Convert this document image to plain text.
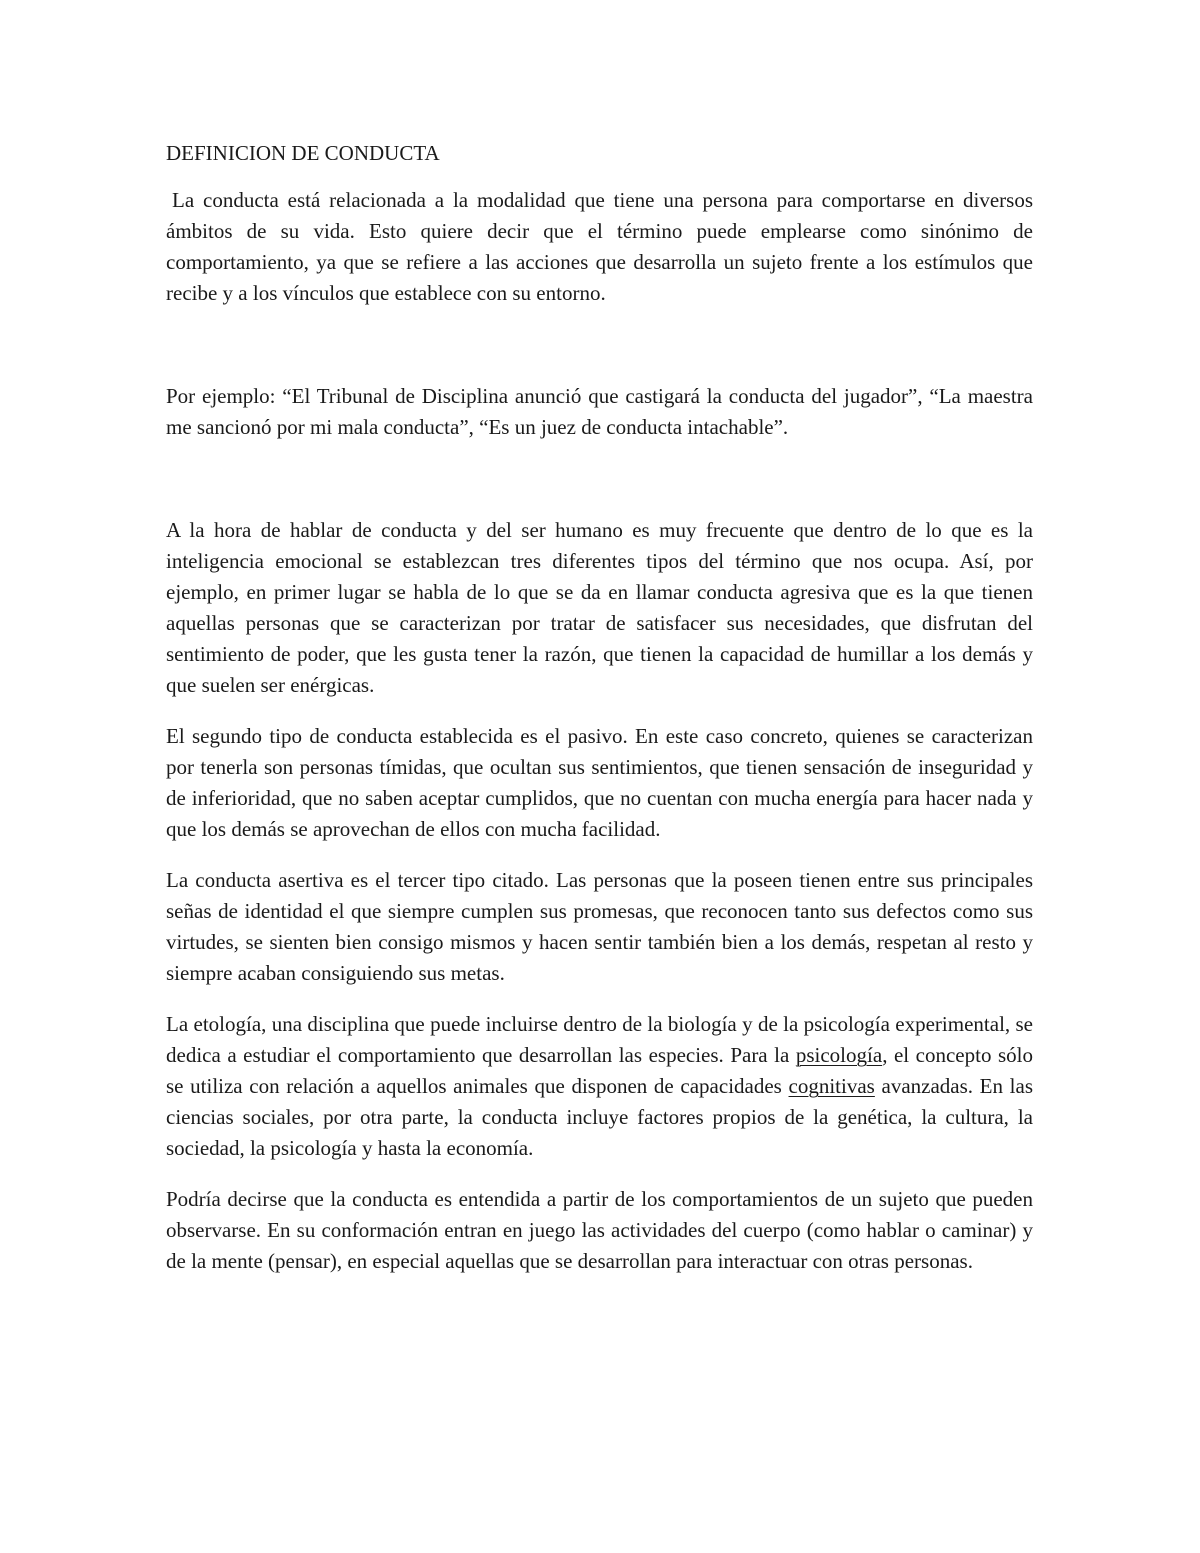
DEFINICION DE CONDUCTA

La conducta está relacionada a la modalidad que tiene una persona para comportarse en diversos ámbitos de su vida. Esto quiere decir que el término puede emplearse como sinónimo de comportamiento, ya que se refiere a las acciones que desarrolla un sujeto frente a los estímulos que recibe y a los vínculos que establece con su entorno.

Por ejemplo: “El Tribunal de Disciplina anunció que castigará la conducta del jugador”, “La maestra me sancionó por mi mala conducta”, “Es un juez de conducta intachable”.

A la hora de hablar de conducta y del ser humano es muy frecuente que dentro de lo que es la inteligencia emocional se establezcan tres diferentes tipos del término que nos ocupa. Así, por ejemplo, en primer lugar se habla de lo que se da en llamar conducta agresiva que es la que tienen aquellas personas que se caracterizan por tratar de satisfacer sus necesidades, que disfrutan del sentimiento de poder, que les gusta tener la razón, que tienen la capacidad de humillar a los demás y que suelen ser enérgicas.

El segundo tipo de conducta establecida es el pasivo. En este caso concreto, quienes se caracterizan por tenerla son personas tímidas, que ocultan sus sentimientos, que tienen sensación de inseguridad y de inferioridad, que no saben aceptar cumplidos, que no cuentan con mucha energía para hacer nada y que los demás se aprovechan de ellos con mucha facilidad.

La conducta asertiva es el tercer tipo citado. Las personas que la poseen tienen entre sus principales señas de identidad el que siempre cumplen sus promesas, que reconocen tanto sus defectos como sus virtudes, se sienten bien consigo mismos y hacen sentir también bien a los demás, respetan al resto y siempre acaban consiguiendo sus metas.

La etología, una disciplina que puede incluirse dentro de la biología y de la psicología experimental, se dedica a estudiar el comportamiento que desarrollan las especies. Para la psicología, el concepto sólo se utiliza con relación a aquellos animales que disponen de capacidades cognitivas avanzadas. En las ciencias sociales, por otra parte, la conducta incluye factores propios de la genética, la cultura, la sociedad, la psicología y hasta la economía.

Podría decirse que la conducta es entendida a partir de los comportamientos de un sujeto que pueden observarse. En su conformación entran en juego las actividades del cuerpo (como hablar o caminar) y de la mente (pensar), en especial aquellas que se desarrollan para interactuar con otras personas.
